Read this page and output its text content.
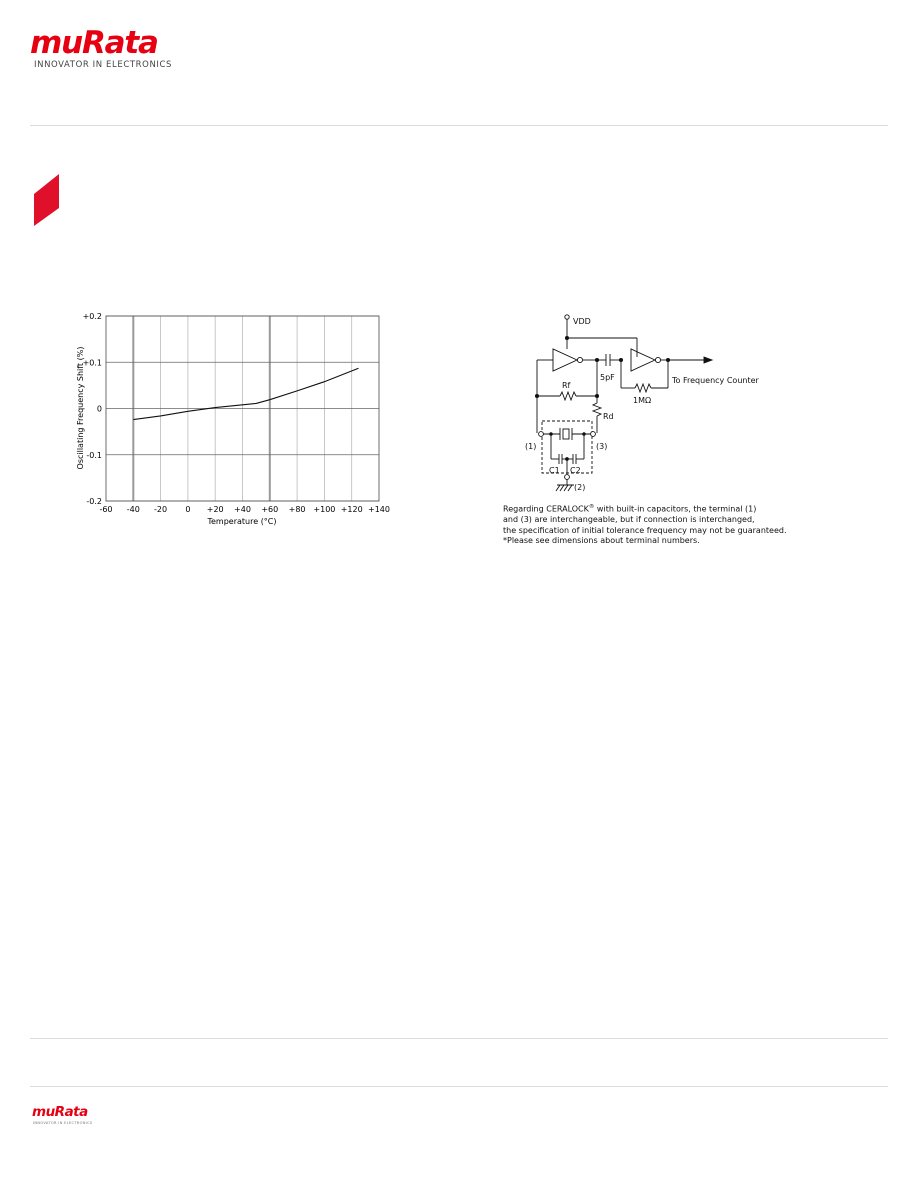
muRata
INNOVATOR IN ELECTRONICS
+0.2
+0.1
0
-0.1
-0.2
-60 -40 -20 0 +20 +40 +60 +80 +100 +120 +140
Temperature (°C)
Oscillating Frequency Shift (%)
VDD
5pF	To Frequency Counter
1MΩ
Rf
Rd
(1)	(3)
C1 C2
(2)

Regarding CERALOCK® with built-in capacitors, the terminal (1)

and (3) are interchangeable, but if connection is interchanged,

the specification of initial tolerance frequency may not be guaranteed.

*Please see dimensions about terminal numbers.

muRata
INNOVATOR IN ELECTRONICS
